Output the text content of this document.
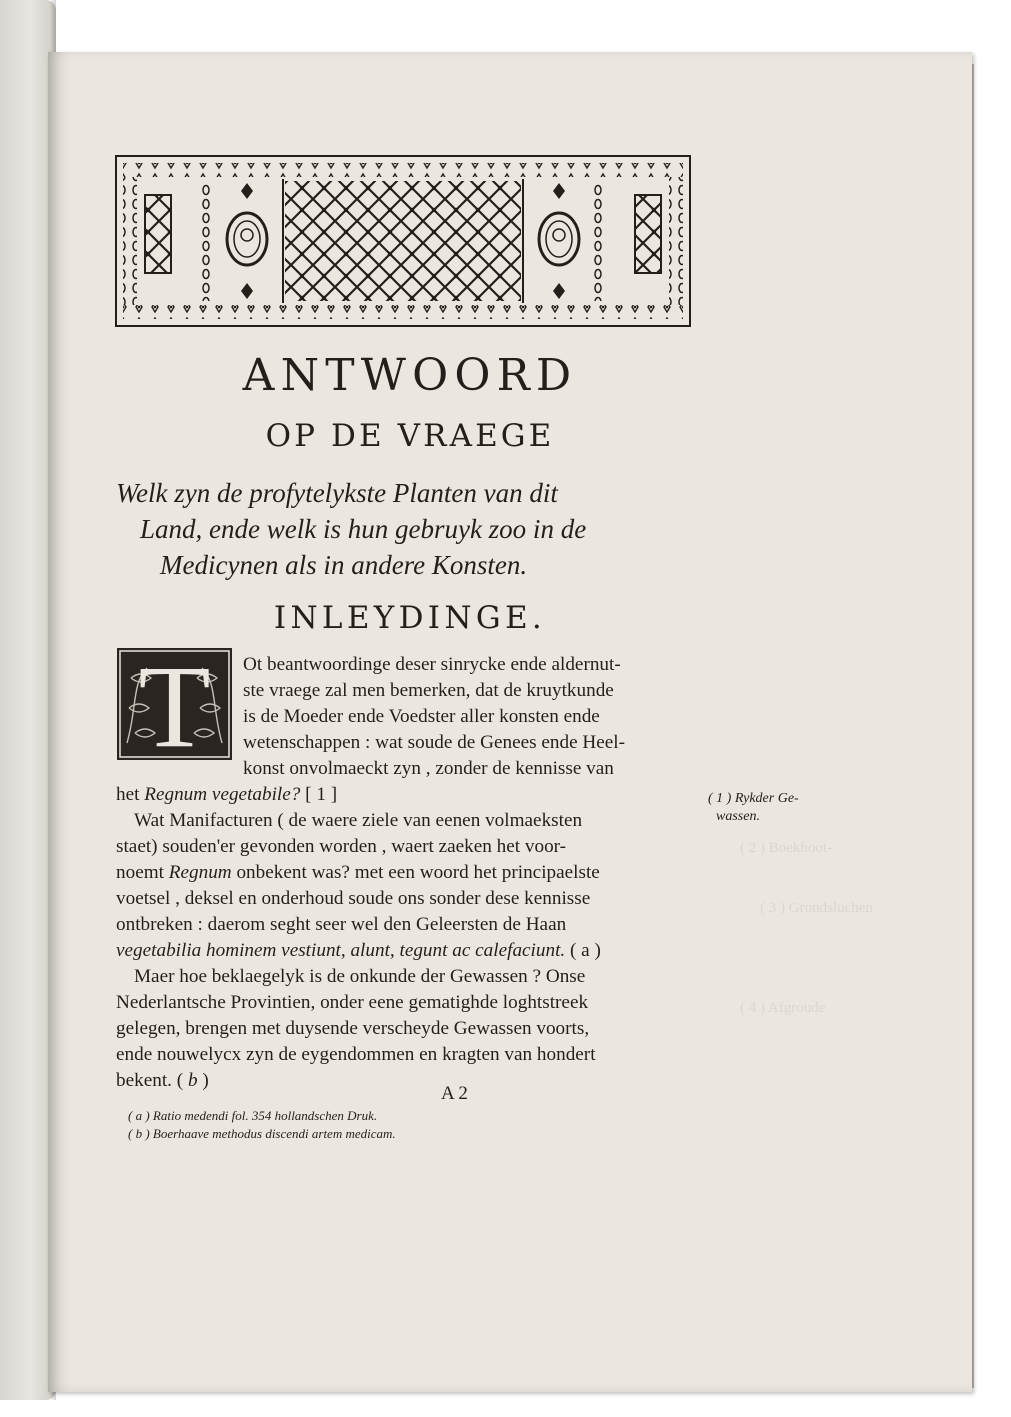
( 2 ) Boekhoot-
( 3 ) Grondsluchen
( 4 ) Afgroude
ANTWOORD
OP DE VRAEGE
Welk zyn de profytelykste Planten van dit
Land, ende welk is hun gebruyk zoo in de
Medicynen als in andere Konsten.
INLEYDINGE.
T	Ot beantwoordinge deser sinrycke ende aldernut-
ste vraege zal men bemerken, dat de kruytkunde
is de Moeder ende Voedster aller konsten ende
wetenschappen : wat soude de Genees ende Heel-
konst onvolmaeckt zyn , zonder de kennisse van
het Regnum vegetabile? [ 1 ]
Wat Manifacturen ( de waere ziele van eenen volmaeksten
staet) souden'er gevonden worden , waert zaeken het voor-
noemt Regnum onbekent was? met een woord het principaelste
voetsel , deksel en onderhoud soude ons sonder dese kennisse
ontbreken : daerom seght seer wel den Geleersten de Haan
vegetabilia hominem vestiunt, alunt, tegunt ac calefaciunt. ( a )
Maer hoe beklaegelyk is de onkunde der Gewassen ? Onse
Nederlantsche Provintien, onder eene gematighde loghtstreek
gelegen, brengen met duysende verscheyde Gewassen voorts,
ende nouwelycx zyn de eygendommen en kragten van hondert
bekent. ( b )
( 1 ) Rykder Ge-
wassen.
A 2
( a ) Ratio medendi fol. 354 hollandschen Druk.
( b ) Boerhaave methodus discendi artem medicam.
